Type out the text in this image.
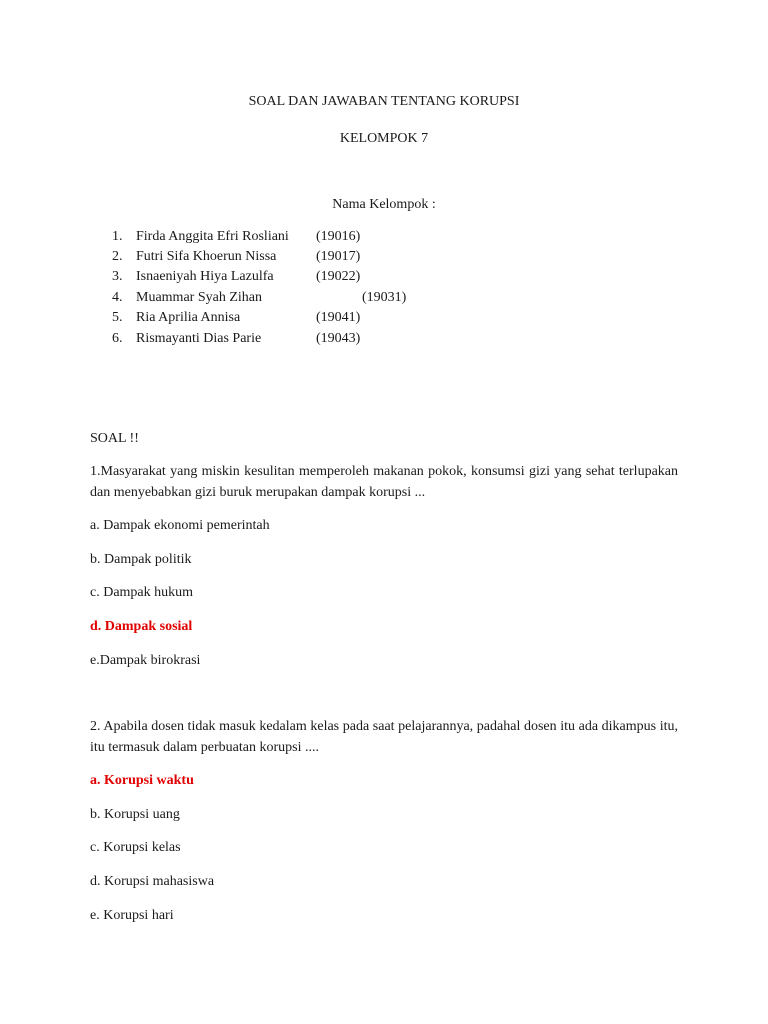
SOAL DAN JAWABAN TENTANG KORUPSI
KELOMPOK 7
Nama Kelompok :
1. Firda Anggita Efri Rosliani (19016)
2. Futri Sifa Khoerun Nissa	(19017)
3. Isnaeniyah Hiya Lazulfa	(19022)
4. Muammar Syah Zihan	(19031)
5. Ria Aprilia Annisa	(19041)
6. Rismayanti Dias Parie	(19043)
SOAL !!
1.Masyarakat yang miskin kesulitan memperoleh makanan pokok, konsumsi gizi yang sehat terlupakan dan menyebabkan gizi buruk merupakan dampak korupsi ...
a. Dampak ekonomi pemerintah
b. Dampak politik
c. Dampak hukum
d. Dampak sosial
e.Dampak birokrasi
2. Apabila dosen tidak masuk kedalam kelas pada saat pelajarannya, padahal dosen itu ada dikampus itu, itu termasuk dalam perbuatan korupsi ....
a. Korupsi waktu
b. Korupsi uang
c. Korupsi kelas
d. Korupsi mahasiswa
e. Korupsi hari
